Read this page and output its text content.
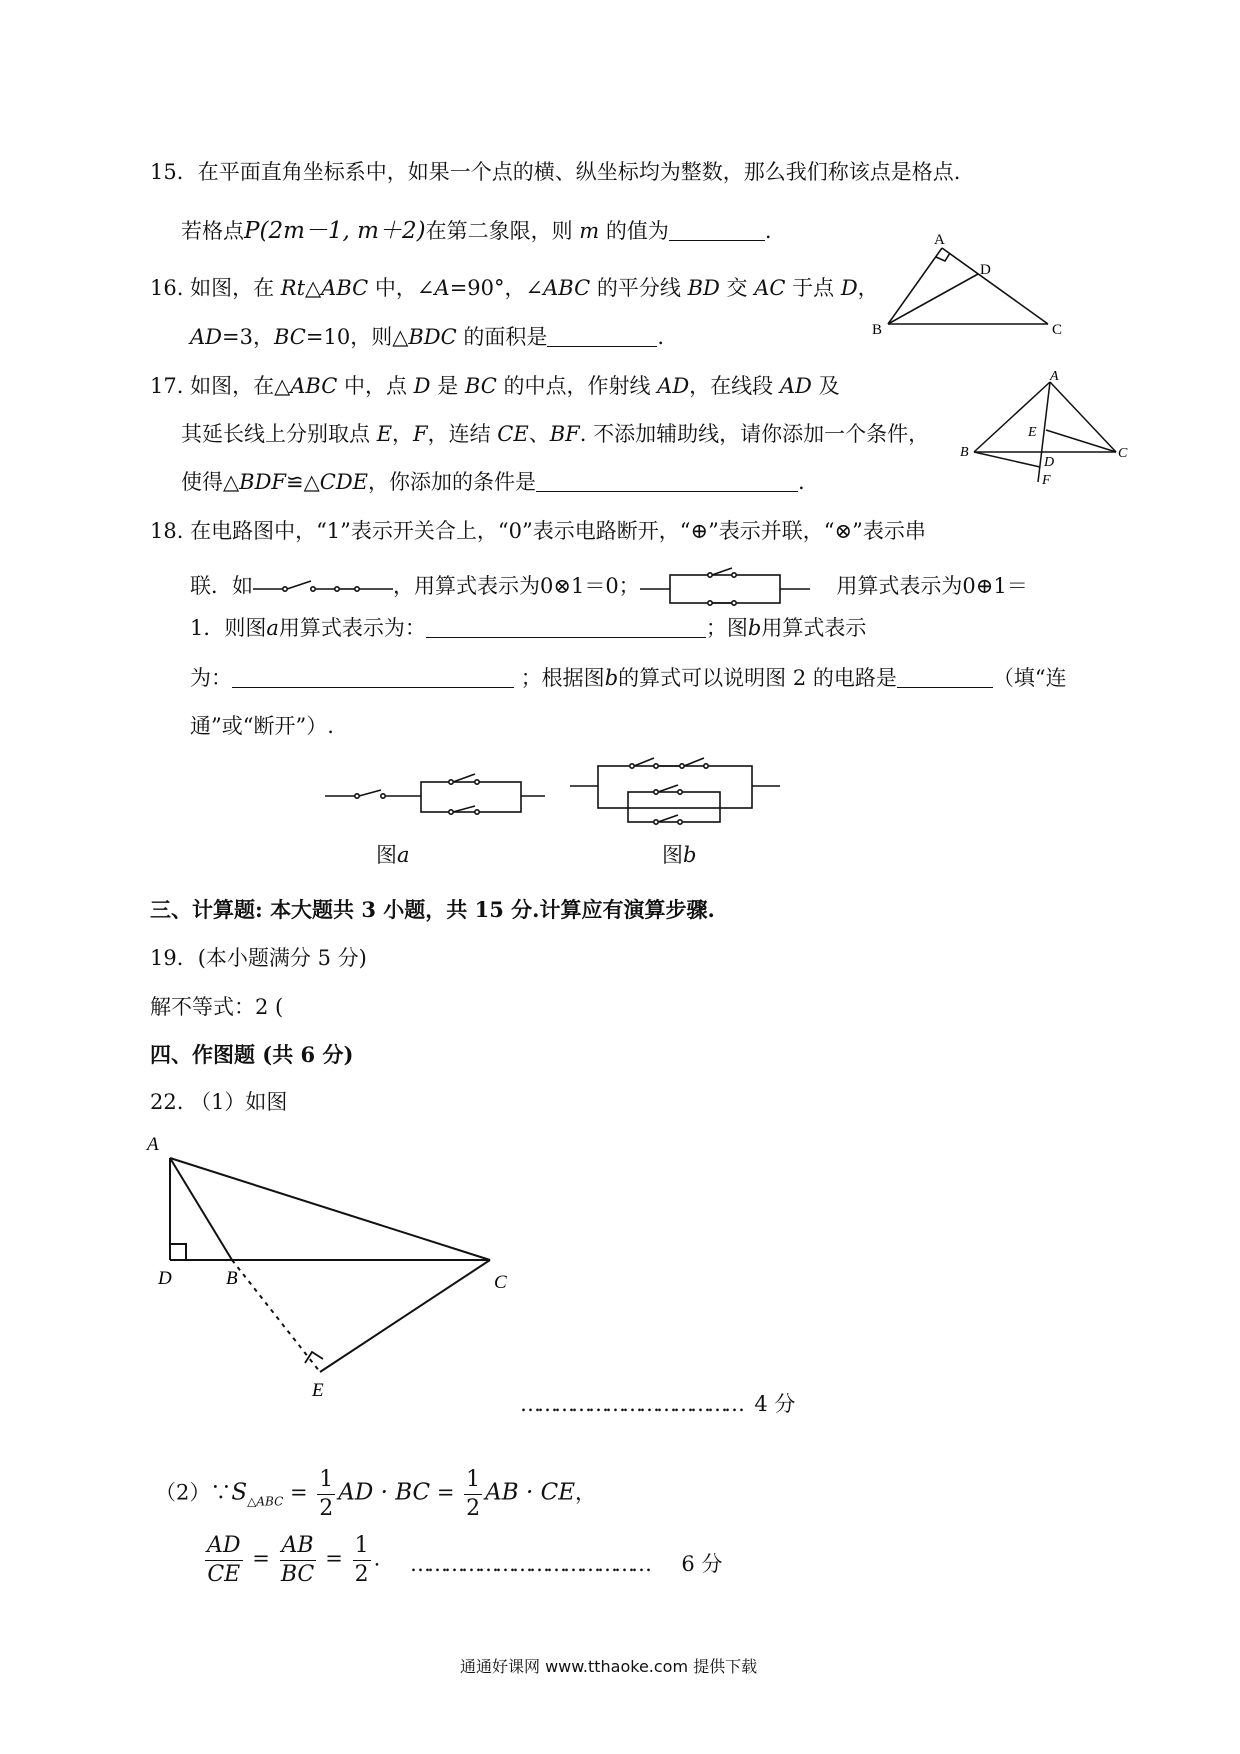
15．在平面直角坐标系中，如果一个点的横、纵坐标均为整数，那么我们称该点是格点.
若格点P(2m－1, m＋2)在第二象限，则 m 的值为	.	A
D
B	C
16. 如图，在 Rt△ABC 中，∠A=90°，∠ABC 的平分线 BD 交 AC 于点 D，
AD=3，BC=10，则△BDC 的面积是	.
17. 如图，在△ABC 中，点 D 是 BC 的中点，作射线 AD，在线段 AD 及
其延长线上分别取点 E，F，连结 CE、BF. 不添加辅助线，请你添加一个条件，
使得△BDF≌△CDE，你添加的条件是	.
A
E
B
D
C
F
18. 在电路图中，“1”表示开关合上，“0”表示电路断开，“⊕”表示并联，“⊗”表示串
联．如	，用算式表示为0⊗1＝0；	用算式表示为0⊕1＝
1．则图a用算式表示为：	；图b用算式表示
为：	；根据图b的算式可以说明图 2 的电路是	（填“连
通”或“断开”）.
图a	图b
三、计算题: 本大题共 3 小题，共 15 分.计算应有演算步骤.
19．(本小题满分 5 分)
解不等式：2 (
四、作图题 (共 6 分)
22. （1）如图
A
D	B	C
E
………………………………… 4 分
$(2)\because S_{\triangle ABC} = \frac{1}{2}$ AD · BC = $\frac{1}{2}$ AB · CE，
$\frac{AD}{CE} = \frac{AB}{BC} = \frac{1}{2}$ . …………………………………… 6 分
通通好课网 www.tthaoke.com 提供下载
